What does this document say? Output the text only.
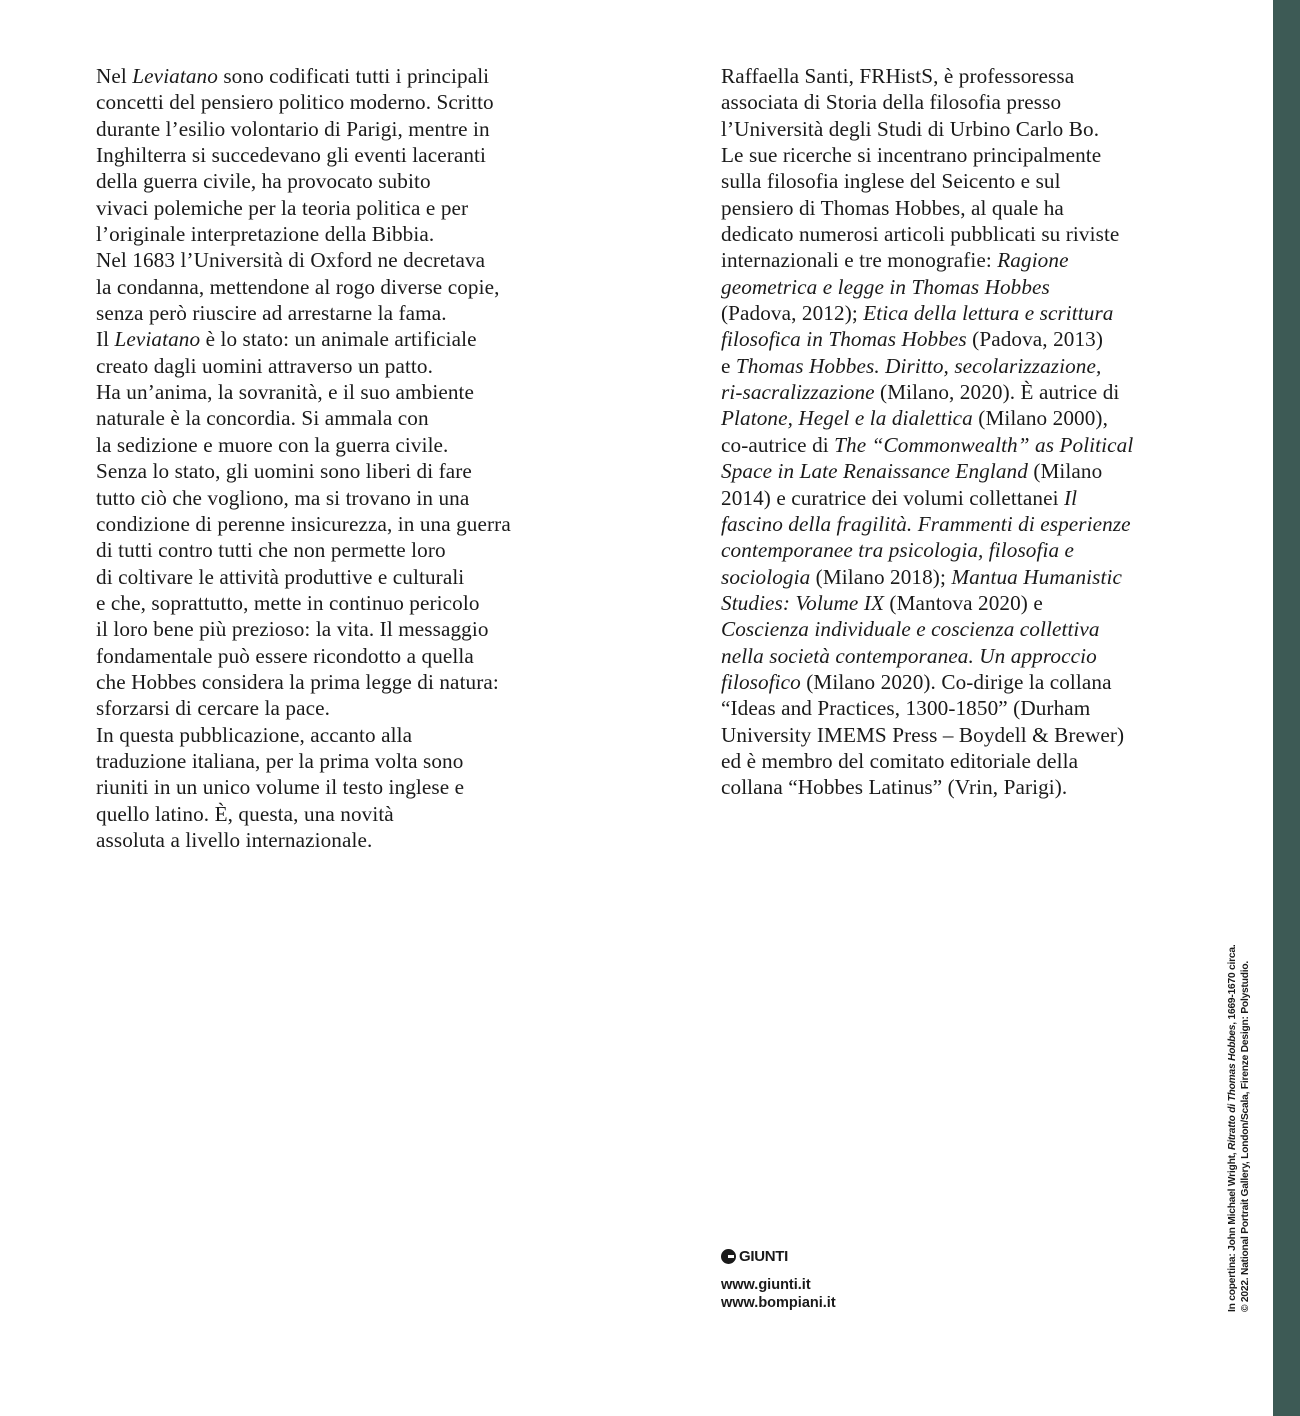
Nel Leviatano sono codificati tutti i principali
concetti del pensiero politico moderno. Scritto
durante l’esilio volontario di Parigi, mentre in
Inghilterra si succedevano gli eventi laceranti
della guerra civile, ha provocato subito
vivaci polemiche per la teoria politica e per
l’originale interpretazione della Bibbia.
Nel 1683 l’Università di Oxford ne decretava
la condanna, mettendone al rogo diverse copie,
senza però riuscire ad arrestarne la fama.
Il Leviatano è lo stato: un animale artificiale
creato dagli uomini attraverso un patto.
Ha un’anima, la sovranità, e il suo ambiente
naturale è la concordia. Si ammala con
la sedizione e muore con la guerra civile.
Senza lo stato, gli uomini sono liberi di fare
tutto ciò che vogliono, ma si trovano in una
condizione di perenne insicurezza, in una guerra
di tutti contro tutti che non permette loro
di coltivare le attività produttive e culturali
e che, soprattutto, mette in continuo pericolo
il loro bene più prezioso: la vita. Il messaggio
fondamentale può essere ricondotto a quella
che Hobbes considera la prima legge di natura:
sforzarsi di cercare la pace.
In questa pubblicazione, accanto alla
traduzione italiana, per la prima volta sono
riuniti in un unico volume il testo inglese e
quello latino. È, questa, una novità
assoluta a livello internazionale.
Raffaella Santi, FRHistS, è professoressa
associata di Storia della filosofia presso
l’Università degli Studi di Urbino Carlo Bo.
Le sue ricerche si incentrano principalmente
sulla filosofia inglese del Seicento e sul
pensiero di Thomas Hobbes, al quale ha
dedicato numerosi articoli pubblicati su riviste
internazionali e tre monografie: Ragione
geometrica e legge in Thomas Hobbes
(Padova, 2012); Etica della lettura e scrittura
filosofica in Thomas Hobbes (Padova, 2013)
e Thomas Hobbes. Diritto, secolarizzazione,
ri-sacralizzazione (Milano, 2020). È autrice di
Platone, Hegel e la dialettica (Milano 2000),
co-autrice di The “Commonwealth” as Political
Space in Late Renaissance England (Milano
2014) e curatrice dei volumi collettanei Il
fascino della fragilità. Frammenti di esperienze
contemporanee tra psicologia, filosofia e
sociologia (Milano 2018); Mantua Humanistic
Studies: Volume IX (Mantova 2020) e
Coscienza individuale e coscienza collettiva
nella società contemporanea. Un approccio
filosofico (Milano 2020). Co-dirige la collana
“Ideas and Practices, 1300-1850” (Durham
University IMEMS Press – Boydell & Brewer)
ed è membro del comitato editoriale della
collana “Hobbes Latinus” (Vrin, Parigi).
GIUNTI
www.giunti.it
www.bompiani.it	In copertina: John Michael Wright, Ritratto di Thomas Hobbes, 1669-1670 circa. © 2022. National Portrait Gallery, London/Scala, Firenze Design: Polystudio.
